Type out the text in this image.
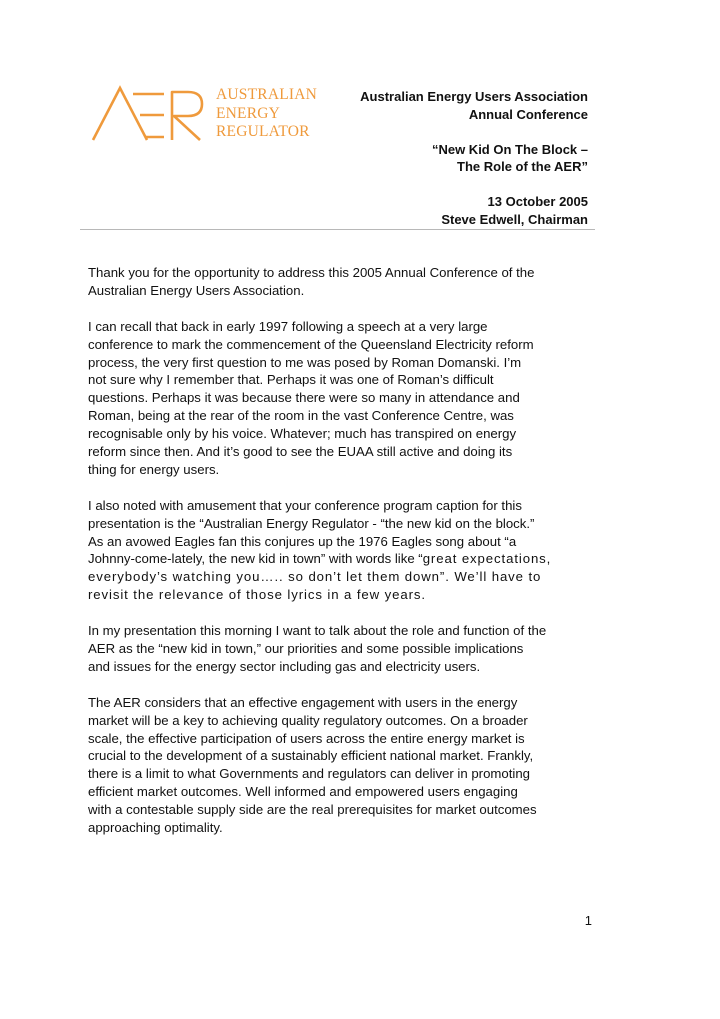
AUSTRALIAN
ENERGY
REGULATOR
Australian Energy Users Association
Annual Conference
“New Kid On The Block –
The Role of the AER”
13 October 2005
Steve Edwell, Chairman

Thank you for the opportunity to address this 2005 Annual Conference of the
Australian Energy Users Association.

I can recall that back in early 1997 following a speech at a very large
conference to mark the commencement of the Queensland Electricity reform
process, the very first question to me was posed by Roman Domanski. I’m
not sure why I remember that. Perhaps it was one of Roman’s difficult
questions. Perhaps it was because there were so many in attendance and
Roman, being at the rear of the room in the vast Conference Centre, was
recognisable only by his voice. Whatever; much has transpired on energy
reform since then. And it’s good to see the EUAA still active and doing its
thing for energy users.

I also noted with amusement that your conference program caption for this
presentation is the “Australian Energy Regulator - “the new kid on the block.”
As an avowed Eagles fan this conjures up the 1976 Eagles song about “a
Johnny-come-lately, the new kid in town” with words like “great expectations,
everybody’s watching you….. so don’t let them down”. We’ll have to
revisit the relevance of those lyrics in a few years.

In my presentation this morning I want to talk about the role and function of the
AER as the “new kid in town,” our priorities and some possible implications
and issues for the energy sector including gas and electricity users.

The AER considers that an effective engagement with users in the energy
market will be a key to achieving quality regulatory outcomes. On a broader
scale, the effective participation of users across the entire energy market is
crucial to the development of a sustainably efficient national market. Frankly,
there is a limit to what Governments and regulators can deliver in promoting
efficient market outcomes. Well informed and empowered users engaging
with a contestable supply side are the real prerequisites for market outcomes
approaching optimality.

1
